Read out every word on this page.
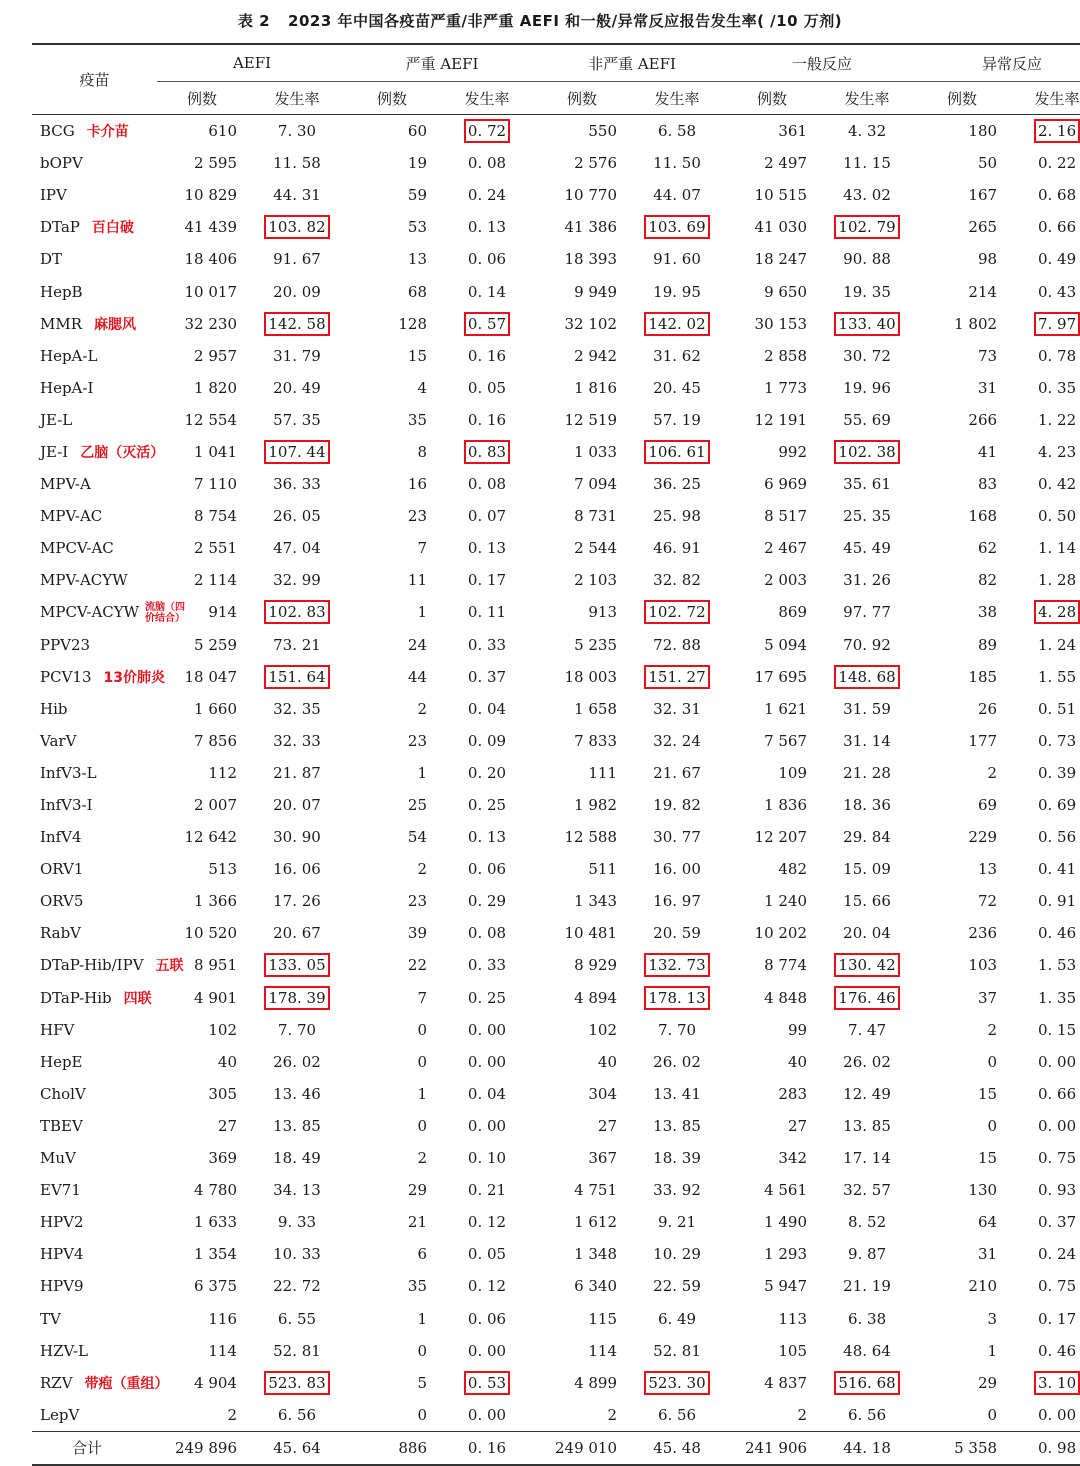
表 2 2023 年中国各疫苗严重/非严重 AEFI 和一般/异常反应报告发生率( /10 万剂)
疫苗	AEFI		严重 AEFI		非严重 AEFI		一般反应		异常反应	
	例数	发生率	例数	发生率	例数	发生率	例数	发生率	例数	发生率
BCG 卡介苗	610	7. 30	60	0. 72	550	6. 58	361	4. 32	180	2. 16
bOPV	2 595	11. 58	19	0. 08	2 576	11. 50	2 497	11. 15	50	0. 22
IPV	10 829	44. 31	59	0. 24	10 770	44. 07	10 515	43. 02	167	0. 68
DTaP 百白破	41 439	103. 82	53	0. 13	41 386	103. 69	41 030	102. 79	265	0. 66
DT	18 406	91. 67	13	0. 06	18 393	91. 60	18 247	90. 88	98	0. 49
HepB	10 017	20. 09	68	0. 14	9 949	19. 95	9 650	19. 35	214	0. 43
MMR 麻腮风	32 230	142. 58	128	0. 57	32 102	142. 02	30 153	133. 40	1 802	7. 97
HepA-L	2 957	31. 79	15	0. 16	2 942	31. 62	2 858	30. 72	73	0. 78
HepA-I	1 820	20. 49	4	0. 05	1 816	20. 45	1 773	19. 96	31	0. 35
JE-L	12 554	57. 35	35	0. 16	12 519	57. 19	12 191	55. 69	266	1. 22
JE-I 乙脑（灭活）	1 041	107. 44	8	0. 83	1 033	106. 61	992	102. 38	41	4. 23
MPV-A	7 110	36. 33	16	0. 08	7 094	36. 25	6 969	35. 61	83	0. 42
MPV-AC	8 754	26. 05	23	0. 07	8 731	25. 98	8 517	25. 35	168	0. 50
MPCV-AC	2 551	47. 04	7	0. 13	2 544	46. 91	2 467	45. 49	62	1. 14
MPV-ACYW	2 114	32. 99	11	0. 17	2 103	32. 82	2 003	31. 26	82	1. 28
MPCV-ACYW 流脑（四价结合）	914	102. 83	1	0. 11	913	102. 72	869	97. 77	38	4. 28
PPV23	5 259	73. 21	24	0. 33	5 235	72. 88	5 094	70. 92	89	1. 24
PCV13 13价肺炎	18 047	151. 64	44	0. 37	18 003	151. 27	17 695	148. 68	185	1. 55
Hib	1 660	32. 35	2	0. 04	1 658	32. 31	1 621	31. 59	26	0. 51
VarV	7 856	32. 33	23	0. 09	7 833	32. 24	7 567	31. 14	177	0. 73
InfV3-L	112	21. 87	1	0. 20	111	21. 67	109	21. 28	2	0. 39
InfV3-I	2 007	20. 07	25	0. 25	1 982	19. 82	1 836	18. 36	69	0. 69
InfV4	12 642	30. 90	54	0. 13	12 588	30. 77	12 207	29. 84	229	0. 56
ORV1	513	16. 06	2	0. 06	511	16. 00	482	15. 09	13	0. 41
ORV5	1 366	17. 26	23	0. 29	1 343	16. 97	1 240	15. 66	72	0. 91
RabV	10 520	20. 67	39	0. 08	10 481	20. 59	10 202	20. 04	236	0. 46
DTaP-Hib/IPV 五联	8 951	133. 05	22	0. 33	8 929	132. 73	8 774	130. 42	103	1. 53
DTaP-Hib 四联	4 901	178. 39	7	0. 25	4 894	178. 13	4 848	176. 46	37	1. 35
HFV	102	7. 70	0	0. 00	102	7. 70	99	7. 47	2	0. 15
HepE	40	26. 02	0	0. 00	40	26. 02	40	26. 02	0	0. 00
CholV	305	13. 46	1	0. 04	304	13. 41	283	12. 49	15	0. 66
TBEV	27	13. 85	0	0. 00	27	13. 85	27	13. 85	0	0. 00
MuV	369	18. 49	2	0. 10	367	18. 39	342	17. 14	15	0. 75
EV71	4 780	34. 13	29	0. 21	4 751	33. 92	4 561	32. 57	130	0. 93
HPV2	1 633	9. 33	21	0. 12	1 612	9. 21	1 490	8. 52	64	0. 37
HPV4	1 354	10. 33	6	0. 05	1 348	10. 29	1 293	9. 87	31	0. 24
HPV9	6 375	22. 72	35	0. 12	6 340	22. 59	5 947	21. 19	210	0. 75
TV	116	6. 55	1	0. 06	115	6. 49	113	6. 38	3	0. 17
HZV-L	114	52. 81	0	0. 00	114	52. 81	105	48. 64	1	0. 46
RZV 带疱（重组）	4 904	523. 83	5	0. 53	4 899	523. 30	4 837	516. 68	29	3. 10
LepV	2	6. 56	0	0. 00	2	6. 56	2	6. 56	0	0. 00
合计	249 896	45. 64	886	0. 16	249 010	45. 48	241 906	44. 18	5 358	0. 98
